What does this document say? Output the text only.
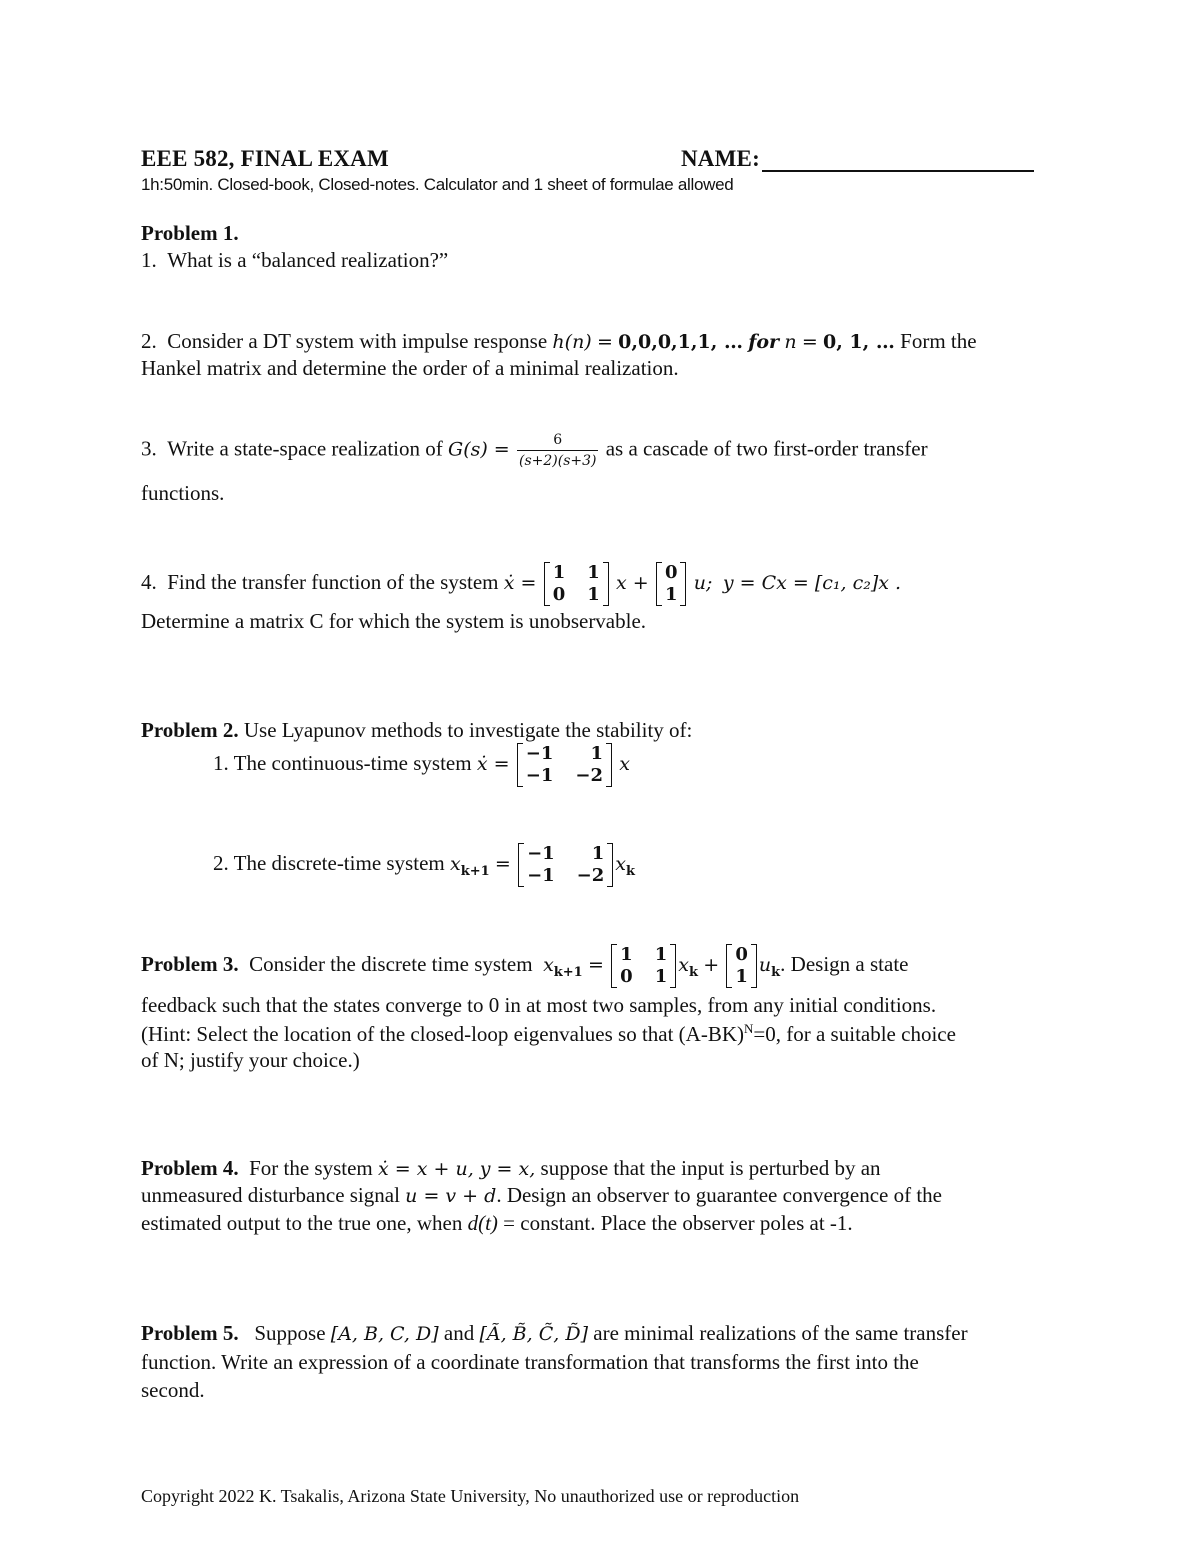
EEE 582, FINAL EXAM	NAME:
1h:50min. Closed-book, Closed-notes. Calculator and 1 sheet of formulae allowed
Problem 1.
1. What is a “balanced realization?”
2. Consider a DT system with impulse response h(n) = 0,0,0,1,1, … for n = 0, 1, … Form the
Hankel matrix and determine the order of a minimal realization.
3. Write a state-space realization of $G(s) = \frac{6}{(s+2)(s+3)}$ as a cascade of two first-order transfer
functions.
4. Find the transfer function of the system ẋ = 1 1
0 1
x + 0
1
u; y = Cx = [c₁, c₂]x .
Determine a matrix C for which the system is unobservable.
Problem 2. Use Lyapunov methods to investigate the stability of:
1. The continuous-time system ẋ = −1	1
−1 −2
x
2. The discrete-time system $x_{k+1} = -1$	1
−1 −2
$x_k$
Problem 3. Consider the discrete time system $x_{k+1} = 1$ 1
0 1
$x_k + 0$
1
$u_k$. Design a state
feedback such that the states converge to 0 in at most two samples, from any initial conditions.
(Hint: Select the location of the closed-loop eigenvalues so that $(A-BK)^N=0$, for a suitable choice
of N; justify your choice.)
Problem 4. For the system ẋ = x + u, y = x, suppose that the input is perturbed by an
unmeasured disturbance signal u = v + d. Design an observer to guarantee convergence of the
estimated output to the true one, when d(t) = constant. Place the observer poles at -1.
Problem 5. Suppose [A, B, C, D] and [Ã, B̃, C̃, D̃] are minimal realizations of the same transfer
function. Write an expression of a coordinate transformation that transforms the first into the
second.
Copyright 2022 K. Tsakalis, Arizona State University, No unauthorized use or reproduction
